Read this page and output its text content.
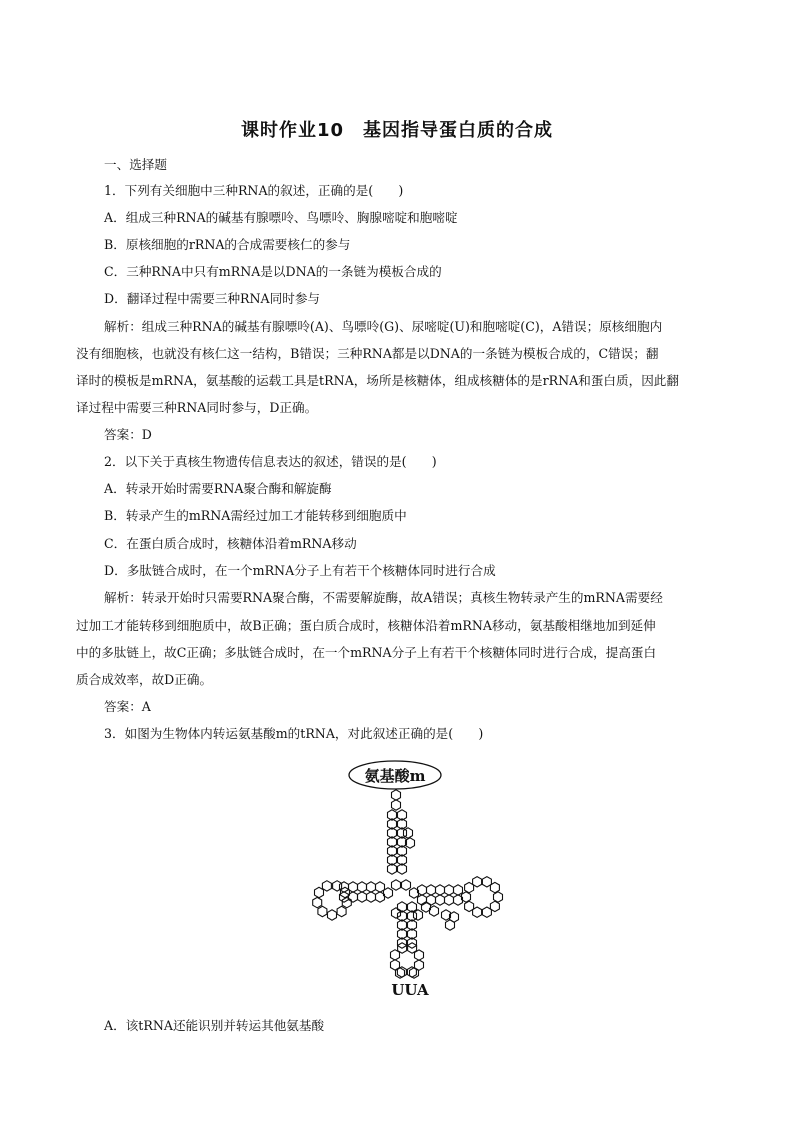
课时作业10　基因指导蛋白质的合成
一、选择题
1．下列有关细胞中三种RNA的叙述，正确的是(　　)
A．组成三种RNA的碱基有腺嘌呤、鸟嘌呤、胸腺嘧啶和胞嘧啶
B．原核细胞的rRNA的合成需要核仁的参与
C．三种RNA中只有mRNA是以DNA的一条链为模板合成的
D．翻译过程中需要三种RNA同时参与
解析：组成三种RNA的碱基有腺嘌呤(A)、鸟嘌呤(G)、尿嘧啶(U)和胞嘧啶(C)，A错误；原核细胞内
没有细胞核，也就没有核仁这一结构，B错误；三种RNA都是以DNA的一条链为模板合成的，C错误；翻
译时的模板是mRNA，氨基酸的运载工具是tRNA，场所是核糖体，组成核糖体的是rRNA和蛋白质，因此翻
译过程中需要三种RNA同时参与，D正确。
答案：D
2．以下关于真核生物遗传信息表达的叙述，错误的是(　　)
A．转录开始时需要RNA聚合酶和解旋酶
B．转录产生的mRNA需经过加工才能转移到细胞质中
C．在蛋白质合成时，核糖体沿着mRNA移动
D．多肽链合成时，在一个mRNA分子上有若干个核糖体同时进行合成
解析：转录开始时只需要RNA聚合酶，不需要解旋酶，故A错误；真核生物转录产生的mRNA需要经
过加工才能转移到细胞质中，故B正确；蛋白质合成时，核糖体沿着mRNA移动，氨基酸相继地加到延伸
中的多肽链上，故C正确；多肽链合成时，在一个mRNA分子上有若干个核糖体同时进行合成，提高蛋白
质合成效率，故D正确。
答案：A
3．如图为生物体内转运氨基酸m的tRNA，对此叙述正确的是(　　)
氨基酸m
UUA
A．该tRNA还能识别并转运其他氨基酸
